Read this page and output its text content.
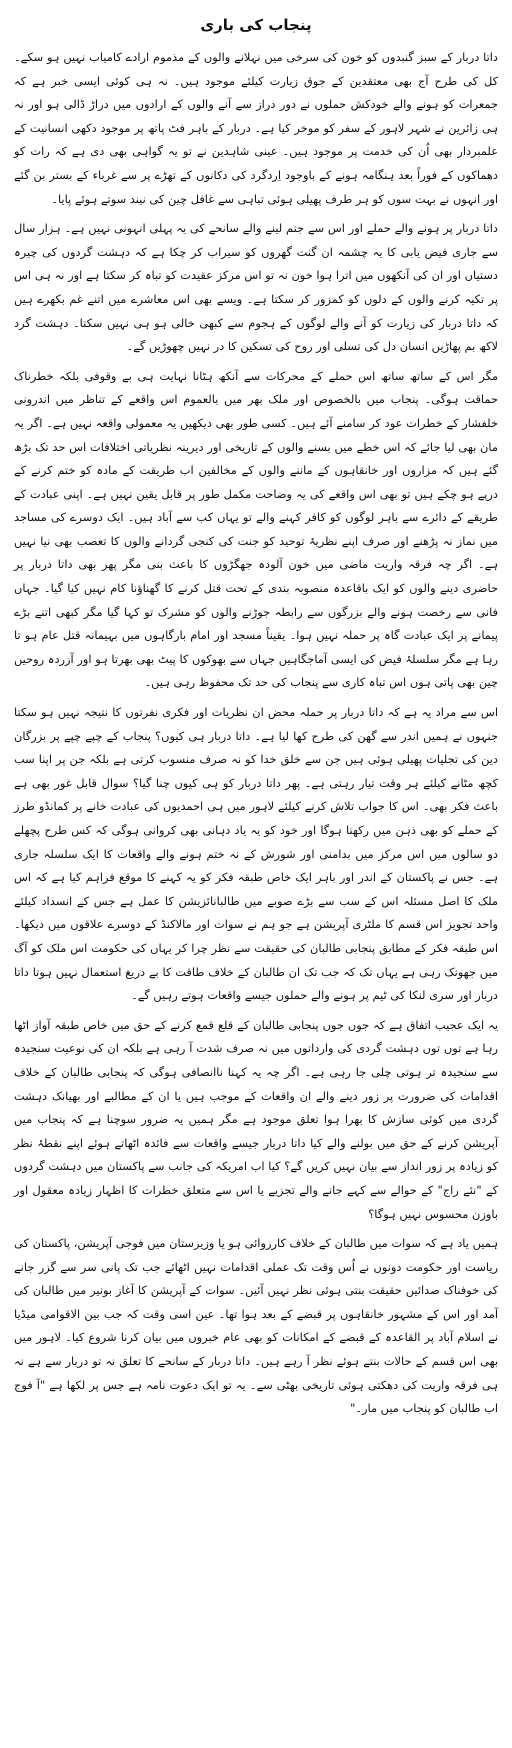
پنجاب کی باری

داتا دربار کے سبز گنبدوں کو خون کی سرخی میں نہلانے والوں کے مذموم ارادے کامیاب نہیں ہو سکے۔ کل کی طرح آج بھی معتقدین کے جوق زیارت کیلئے موجود ہیں۔ نہ ہی کوئی ایسی خبر ہے کہ جمعرات کو ہونے والے خودکش حملوں نے دور دراز سے آنے والوں کے ارادوں میں دراڑ ڈالی ہو اور نہ ہی زائرین نے شہر لاہور کے سفر کو موخر کیا ہے۔ دربار کے باہر فٹ پاتھ پر موجود دکھی انسانیت کے علمبردار بھی اُن کی خدمت پر موجود ہیں۔ عینی شاہدین نے تو یہ گواہی بھی دی ہے کہ رات کو دھماکوں کے فوراً بعد ہنگامہ ہونے کے باوجود اِردگرد کی دکانوں کے تھڑے پر سے غرباء کے بستر بن گئے اور انہوں نے بہت سوں کو ہر طرف پھیلی ہوئی تباہی سے غافل چین کی نیند سوتے ہوئے پایا۔

داتا دربار پر ہونے والے حملے اور اس سے جنم لینے والے سانحے کی یہ پہلی انہونی نہیں ہے۔ ہزار سال سے جاری فیض یابی کا یہ چشمہ ان گنت گھروں کو سیراب کر چکا ہے کہ دہشت گردوں کی چیرہ دستیاں اور ان کی آنکھوں میں اترا ہوا خون نہ تو اس مرکز عقیدت کو تباہ کر سکتا ہے اور نہ ہی اس پر تکیہ کرنے والوں کے دلوں کو کمزور کر سکتا ہے۔ ویسے بھی اس معاشرے میں اتنے غم بکھرے ہیں کہ داتا دربار کی زیارت کو آنے والے لوگوں کے ہجوم سے کبھی خالی ہو ہی نہیں سکتا۔ دہشت گرد لاکھ بم پھاڑیں انسان دل کی تسلی اور روح کی تسکین کا در نہیں چھوڑیں گے۔

مگر اس کے ساتھ ساتھ اس حملے کے محرکات سے آنکھ ہٹانا نہایت ہی بے وقوفی بلکہ خطرناک حماقت ہوگی۔ پنجاب میں بالخصوص اور ملک بھر میں بالعموم اس واقعے کے تناظر میں اندرونی خلفشار کے خطرات عود کر سامنے آئے ہیں۔ کسی طور بھی دیکھیں یہ معمولی واقعہ نہیں ہے۔ اگر یہ مان بھی لیا جائے کہ اس خطے میں بسنے والوں کے تاریخی اور دیرینہ نظریاتی اختلافات اس حد تک بڑھ گئے ہیں کہ مزاروں اور خانقاہوں کے ماننے والوں کے مخالفین اب طریقت کے مادہ کو ختم کرنے کے درپے ہو چکے ہیں تو بھی اس واقعے کی یہ وضاحت مکمل طور پر قابل یقین نہیں ہے۔ اپنی عبادت کے طریقے کے دائرے سے باہر لوگوں کو کافر کہنے والے تو یہاں کب سے آباد ہیں۔ ایک دوسرے کی مساجد میں نماز نہ پڑھنے اور صرف اپنے نظریۂ توحید کو جنت کی کنجی گردانے والوں کا تعصب بھی نیا نہیں ہے۔ اگر چہ فرقہ واریت ماضی میں خون آلودہ جھگڑوں کا باعث بنی مگر پھر بھی داتا دربار پر حاضری دینے والوں کو ایک باقاعدہ منصوبہ بندی کے تحت قتل کرنے کا گھناؤنا کام نہیں کیا گیا۔ جہاں فانی سے رخصت ہونے والے بزرگوں سے رابطہ جوڑنے والوں کو مشرک تو کہا گیا مگر کبھی اتنے بڑے پیمانے پر ایک عبادت گاہ پر حملہ نہیں ہوا۔ یقیناً مسجد اور امام بارگاہوں میں بہیمانہ قتل عام ہو تا رہا ہے مگر سلسلۂ فیض کی ایسی آماجگاہیں جہاں سے بھوکوں کا پیٹ بھی بھرتا ہو اور آزردہ روحیں چین بھی پاتی ہوں اس تباہ کاری سے پنجاب کی حد تک محفوظ رہی ہیں۔

اس سے مراد یہ ہے کہ داتا دربار پر حملہ محض ان نظریات اور فکری نفرتوں کا نتیجہ نہیں ہو سکتا جنہوں نے ہمیں اندر سے گھن کی طرح کھا لیا ہے۔ داتا دربار ہی کیوں؟ پنجاب کے چپے چپے پر بزرگان دین کی تجلیات پھیلی ہوئی ہیں جن سے خلق خدا کو نہ صرف منسوب کرتی ہے بلکہ جن پر اپنا سب کچھ مٹانے کیلئے ہر وقت تیار رہتی ہے۔ پھر داتا دربار کو ہی کیوں چنا گیا؟ سوال قابل غور بھی ہے باعث فکر بھی۔ اس کا جواب تلاش کرنے کیلئے لاہور میں ہی احمدیوں کی عبادت خانے پر کمانڈو طرز کے حملے کو بھی ذہن میں رکھنا ہوگا اور خود کو یہ یاد دہانی بھی کروانی ہوگی کہ کس طرح پچھلے دو سالوں میں اس مرکز میں بدامنی اور شورش کے نہ ختم ہونے والے واقعات کا ایک سلسلہ جاری ہے۔ جس نے پاکستان کے اندر اور باہر ایک خاص طبقہ فکر کو یہ کہنے کا موقع فراہم کیا ہے کہ اس ملک کا اصل مسئلہ اس کے سب سے بڑے صوبے میں طالبانائزیشن کا عمل ہے جس کے انسداد کیلئے واحد تجویز اس قسم کا ملٹری آپریشن ہے جو ہم نے سوات اور مالاکنڈ کے دوسرے علاقوں میں دیکھا۔ اس طبقہ فکر کے مطابق پنجابی طالبان کی حقیقت سے نظر چرا کر یہاں کی حکومت اس ملک کو آگ میں جھونک رہی ہے یہاں تک کہ جب تک ان طالبان کے خلاف طاقت کا بے دریغ استعمال نہیں ہوتا داتا دربار اور سری لنکا کی ٹیم پر ہونے والے حملوں جیسے واقعات ہوتے رہیں گے۔

یہ ایک عجیب اتفاق ہے کہ جوں جوں پنجابی طالبان کے قلع قمع کرنے کے حق میں خاص طبقہ آواز اٹھا رہا ہے توں توں دہشت گردی کی وارداتوں میں نہ صرف شدت آ رہی ہے بلکہ ان کی نوعیت سنجیدہ سے سنجیدہ تر ہوتی چلی جا رہی ہے۔ اگر چہ یہ کہنا ناانصافی ہوگی کہ پنجابی طالبان کے خلاف اقدامات کی ضرورت پر زور دینے والے ان واقعات کے موجب ہیں یا ان کے مطالبے اور بھیانک دہشت گردی میں کوئی سازش کا بھرا ہوا تعلق موجود ہے مگر ہمیں یہ ضرور سوچنا ہے کہ پنجاب میں آپریشن کرنے کے حق میں بولنے والے کیا داتا دربار جیسے واقعات سے فائدہ اٹھاتے ہوئے اپنے نقطۂ نظر کو زیادہ پر زور انداز سے بیان نہیں کریں گے؟ کیا اب امریکہ کی جانب سے پاکستان میں دہشت گردوں کے "نئے راج" کے حوالے سے کہے جانے والے تجزیے یا اس سے متعلق خطرات کا اظہار زیادہ معقول اور باوزن محسوس نہیں ہوگا؟

ہمیں یاد ہے کہ سوات میں طالبان کے خلاف کارروائی ہو یا وزیرستان میں فوجی آپریشن، پاکستان کی ریاست اور حکومت دونوں نے اُس وقت تک عملی اقدامات نہیں اٹھائے جب تک پانی سر سے گزر جانے کی خوفناک صدائیں حقیقت بنتی ہوئی نظر نہیں آئیں۔ سوات کے آپریشن کا آغاز بونیر میں طالبان کی آمد اور اس کے مشہور خانقاہوں پر قبضے کے بعد ہوا تھا۔ عین اسی وقت کہ جب بین الاقوامی میڈیا نے اسلام آباد پر القاعدہ کے قبضے کے امکانات کو بھی عام خبروں میں بیان کرنا شروع کیا۔ لاہور میں بھی اس قسم کے حالات بنتے ہوئے نظر آ رہے ہیں۔ داتا دربار کے سانحے کا تعلق نہ تو دربار سے ہے نہ ہی فرقہ واریت کی دھکتی ہوئی تاریخی بھٹی سے۔ یہ تو ایک دعوت نامہ ہے جس پر لکھا ہے "آ فوج اب طالبان کو پنجاب میں مار۔"
